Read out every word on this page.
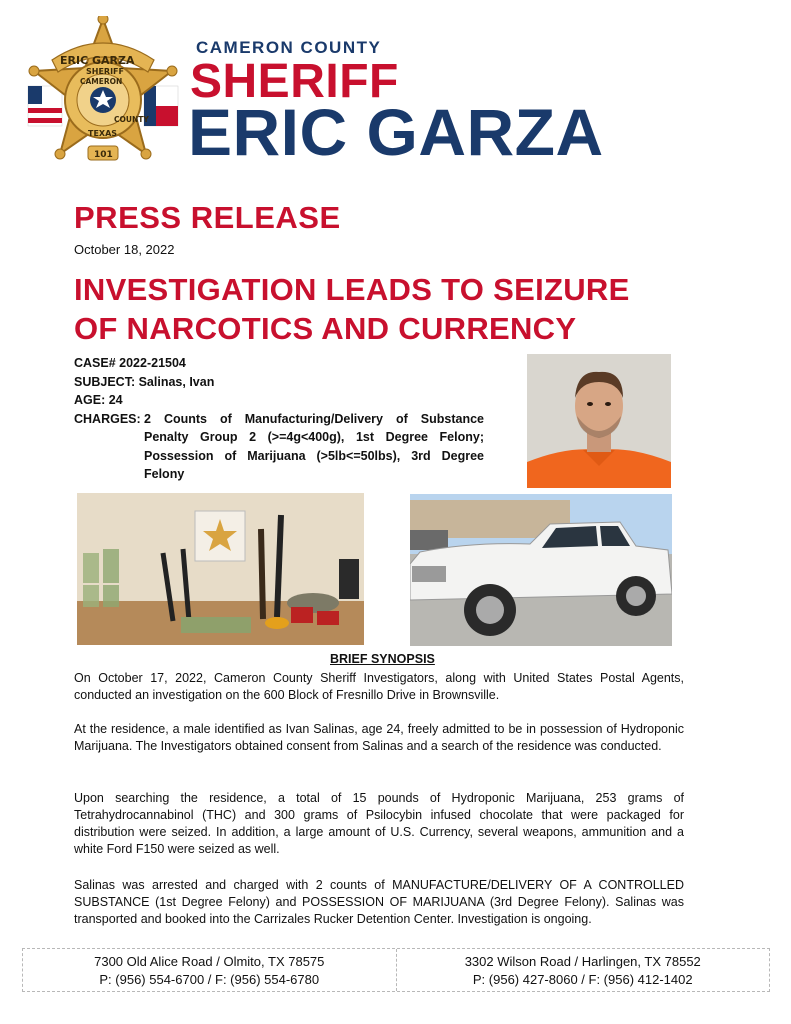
ERIC GARZA
SHERIFF
CAMERON
COUNTY
TEXAS
101
CAMERON COUNTY
SHERIFF
ERIC GARZA
PRESS RELEASE
October 18, 2022
INVESTIGATION LEADS TO SEIZURE
OF NARCOTICS AND CURRENCY
CASE# 2022-21504
SUBJECT: Salinas, Ivan
AGE: 24
CHARGES: 2 Counts of Manufacturing/Delivery of Substance Penalty Group 2 (>=4g<400g), 1st Degree Felony; Possession of Marijuana (>5lb<=50lbs), 3rd Degree Felony
BRIEF SYNOPSIS
On October 17, 2022, Cameron County Sheriff Investigators, along with United States Postal Agents, conducted an investigation on the 600 Block of Fresnillo Drive in Brownsville.
At the residence, a male identified as Ivan Salinas, age 24, freely admitted to be in possession of Hydroponic Marijuana. The Investigators obtained consent from Salinas and a search of the residence was conducted.
Upon searching the residence, a total of 15 pounds of Hydroponic Marijuana, 253 grams of Tetrahydrocannabinol (THC) and 300 grams of Psilocybin infused chocolate that were packaged for distribution were seized. In addition, a large amount of U.S. Currency, several weapons, ammunition and a white Ford F150 were seized as well.
Salinas was arrested and charged with 2 counts of MANUFACTURE/DELIVERY OF A CONTROLLED SUBSTANCE (1st Degree Felony) and POSSESSION OF MARIJUANA (3rd Degree Felony). Salinas was transported and booked into the Carrizales Rucker Detention Center. Investigation is ongoing.
7300 Old Alice Road / Olmito, TX 78575
P: (956) 554-6700 / F: (956) 554-6780
3302 Wilson Road / Harlingen, TX 78552
P: (956) 427-8060 / F: (956) 412-1402
